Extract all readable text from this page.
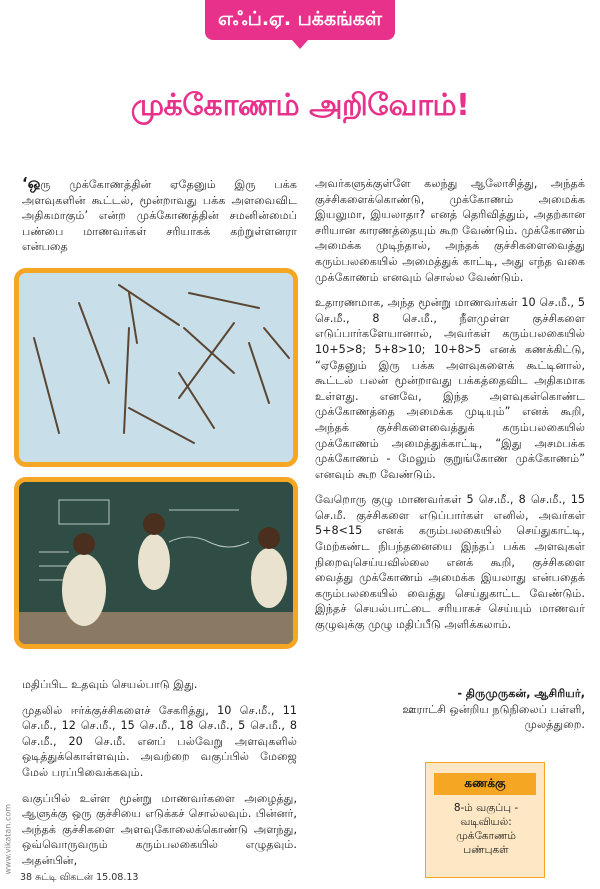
எஃப்.ஏ. பக்கங்கள்
முக்கோணம் அறிவோம்!
‘ஒரு முக்கோணத்தின் ஏதேனும் இரு பக்க அளவுகளின் கூட்டல், மூன்றாவது பக்க அளவைவிட அதிகமாகும்’ என்ற முக்கோணத்தின் சமனின்மைப் பண்பை மாணவர்கள் சரியாகக் கற்றுள்ளனரா என்பதை

மதிப்பிட உதவும் செயல்பாடு இது.

முதலில் ஈர்க்குச்சிகளைச் சேகரித்து, 10 செ.மீ., 11 செ.மீ., 12 செ.மீ., 15 செ.மீ., 18 செ.மீ., 5 செ.மீ., 8 செ.மீ., 20 செ.மீ. எனப் பல்வேறு அளவுகளில் ஒடித்துக்கொள்ளவும். அவற்றை வகுப்பில் மேஜை மேல் பரப்பிவைக்கவும்.

வகுப்பில் உள்ள மூன்று மாணவர்களை அழைத்து, ஆளுக்கு ஒரு குச்சியை எடுக்கச் சொல்லவும். பின்னர், அந்தக் குச்சிகளை அளவுகோலைக்கொண்டு அளந்து, ஒவ்வொருவரும் கரும்பலகையில் எழுதவும். அதன்பின்,

அவர்களுக்குள்ளே கலந்து ஆலோசித்து, அந்தக் குச்சிகளைக்கொண்டு, முக்கோணம் அமைக்க இயலுமா, இயலாதா? எனத் தெரிவித்தும், அதற்கான சரியான காரணத்தையும் கூற வேண்டும். முக்கோணம் அமைக்க முடிந்தால், அந்தக் குச்சிகளைவைத்து கரும்பலகையில் அமைத்துக் காட்டி, அது எந்த வகை முக்கோணம் எனவும் சொல்ல வேண்டும்.

உதாரணமாக, அந்த மூன்று மாணவர்கள் 10 செ.மீ., 5 செ.மீ., 8 செ.மீ., நீளமுள்ள குச்சிகளை எடுப்பார்களேயானால், அவர்கள் கரும்பலகையில் 10+5>8; 5+8>10; 10+8>5 எனக் கணக்கிட்டு, “ஏதேனும் இரு பக்க அளவுகளைக் கூட்டினால், கூட்டல் பலன் மூன்றாவது பக்கத்தைவிட அதிகமாக உள்ளது. எனவே, இந்த அளவுகள்கொண்ட முக்கோணத்தை அமைக்க முடியும்” எனக் கூறி, அந்தக் குச்சிகளைவைத்துக் கரும்பலகையில் முக்கோணம் அமைத்துக்காட்டி, “இது அசமபக்க முக்கோணம் - மேலும் குறுங்கோண முக்கோணம்” எனவும் கூற வேண்டும்.

வேறொரு குழு மாணவர்கள் 5 செ.மீ., 8 செ.மீ., 15 செ.மீ. குச்சிகளை எடுப்பார்கள் எனில், அவர்கள் 5+8<15 எனக் கரும்பலகையில் செய்துகாட்டி, மேற்கண்ட நிபந்தனையை இந்தப் பக்க அளவுகள் நிறைவுசெய்யவில்லை எனக் கூறி, குச்சிகளை வைத்து முக்கோணம் அமைக்க இயலாது என்பதைக் கரும்பலகையில் வைத்து செய்துகாட்ட வேண்டும். இந்தச் செயல்பாட்டை சரியாகச் செய்யும் மாணவர் குழுவுக்கு முழு மதிப்பீடு அளிக்கலாம்.

- திருமுருகன், ஆசிரியர்,
ஊராட்சி ஒன்றிய நடுநிலைப் பள்ளி,
முலத்துறை.
கணக்கு
8-ம் வகுப்பு -
வடிவியல்:
முக்கோணம் பண்புகள்
www.vikatan.com
38 சுட்டி விகடன் 15.08.13
